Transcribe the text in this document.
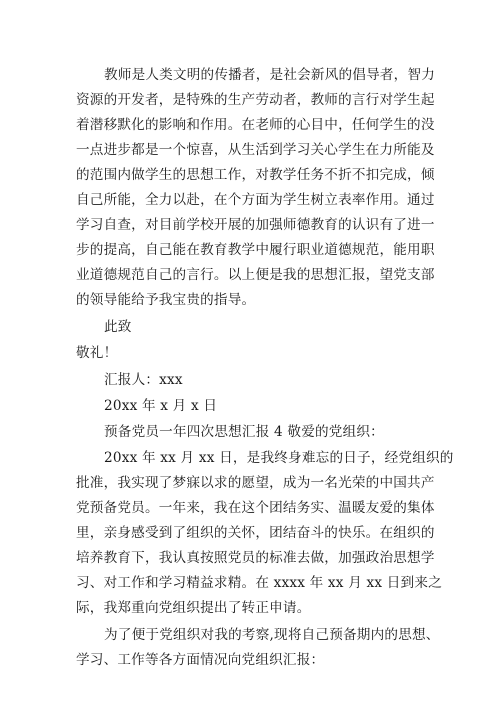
教师是人类文明的传播者，是社会新风的倡导者，智力
资源的开发者，是特殊的生产劳动者，教师的言行对学生起
着潜移默化的影响和作用。在老师的心目中，任何学生的没
一点进步都是一个惊喜，从生活到学习关心学生在力所能及
的范围内做学生的思想工作，对教学任务不折不扣完成，倾
自己所能，全力以赴，在个方面为学生树立表率作用。通过
学习自查，对目前学校开展的加强师德教育的认识有了进一
步的提高，自己能在教育教学中履行职业道德规范，能用职
业道德规范自己的言行。以上便是我的思想汇报，望党支部
的领导能给予我宝贵的指导。
此致
敬礼！
汇报人：xxx
20xx 年 x 月 x 日
预备党员一年四次思想汇报 4 敬爱的党组织：
20xx 年 xx 月 xx 日，是我终身难忘的日子，经党组织的
批准，我实现了梦寐以求的愿望，成为一名光荣的中国共产
党预备党员。一年来，我在这个团结务实、温暖友爱的集体
里，亲身感受到了组织的关怀，团结奋斗的快乐。在组织的
培养教育下，我认真按照党员的标准去做，加强政治思想学
习、对工作和学习精益求精。在 xxxx 年 xx 月 xx 日到来之
际，我郑重向党组织提出了转正申请。
为了便于党组织对我的考察,现将自己预备期内的思想、
学习、工作等各方面情况向党组织汇报：
